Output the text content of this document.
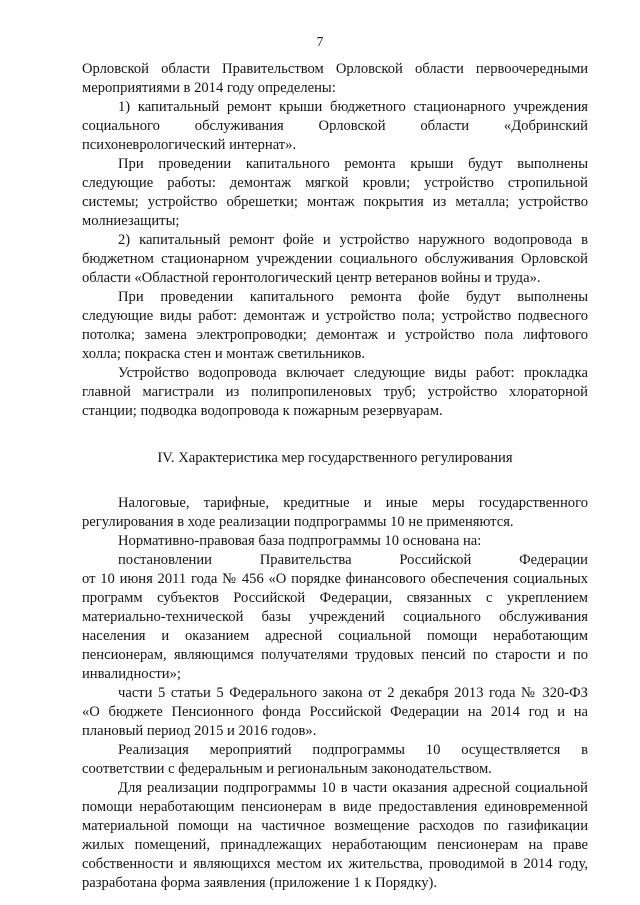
7
Орловской области Правительством Орловской области первоочередными
мероприятиями в 2014 году определены:
1) капитальный ремонт крыши бюджетного стационарного учреждения
социального обслуживания Орловской области «Добринский
психоневрологический интернат».
При проведении капитального ремонта крыши будут выполнены
следующие работы: демонтаж мягкой кровли; устройство стропильной
системы; устройство обрешетки; монтаж покрытия из металла; устройство
молниезащиты;
2) капитальный ремонт фойе и устройство наружного водопровода в
бюджетном стационарном учреждении социального обслуживания Орловской
области «Областной геронтологический центр ветеранов войны и труда».
При проведении капитального ремонта фойе будут выполнены
следующие виды работ: демонтаж и устройство пола; устройство подвесного
потолка; замена электропроводки; демонтаж и устройство пола лифтового
холла; покраска стен и монтаж светильников.
Устройство водопровода включает следующие виды работ: прокладка
главной магистрали из полипропиленовых труб; устройство хлораторной
станции; подводка водопровода к пожарным резервуарам.
IV. Характеристика мер государственного регулирования
Налоговые, тарифные, кредитные и иные меры государственного
регулирования в ходе реализации подпрограммы 10 не применяются.
Нормативно-правовая база подпрограммы 10 основана на:
постановлении Правительства Российской Федерации
от 10 июня 2011 года № 456 «О порядке финансового обеспечения социальных
программ субъектов Российской Федерации, связанных с укреплением
материально-технической базы учреждений социального обслуживания
населения и оказанием адресной социальной помощи неработающим
пенсионерам, являющимся получателями трудовых пенсий по старости и по
инвалидности»;
части 5 статьи 5 Федерального закона от 2 декабря 2013 года № 320-ФЗ
«О бюджете Пенсионного фонда Российской Федерации на 2014 год и на
плановый период 2015 и 2016 годов».
Реализация мероприятий подпрограммы 10 осуществляется в
соответствии с федеральным и региональным законодательством.
Для реализации подпрограммы 10 в части оказания адресной социальной
помощи неработающим пенсионерам в виде предоставления единовременной
материальной помощи на частичное возмещение расходов по газификации
жилых помещений, принадлежащих неработающим пенсионерам на праве
собственности и являющихся местом их жительства, проводимой в 2014 году,
разработана форма заявления (приложение 1 к Порядку).
